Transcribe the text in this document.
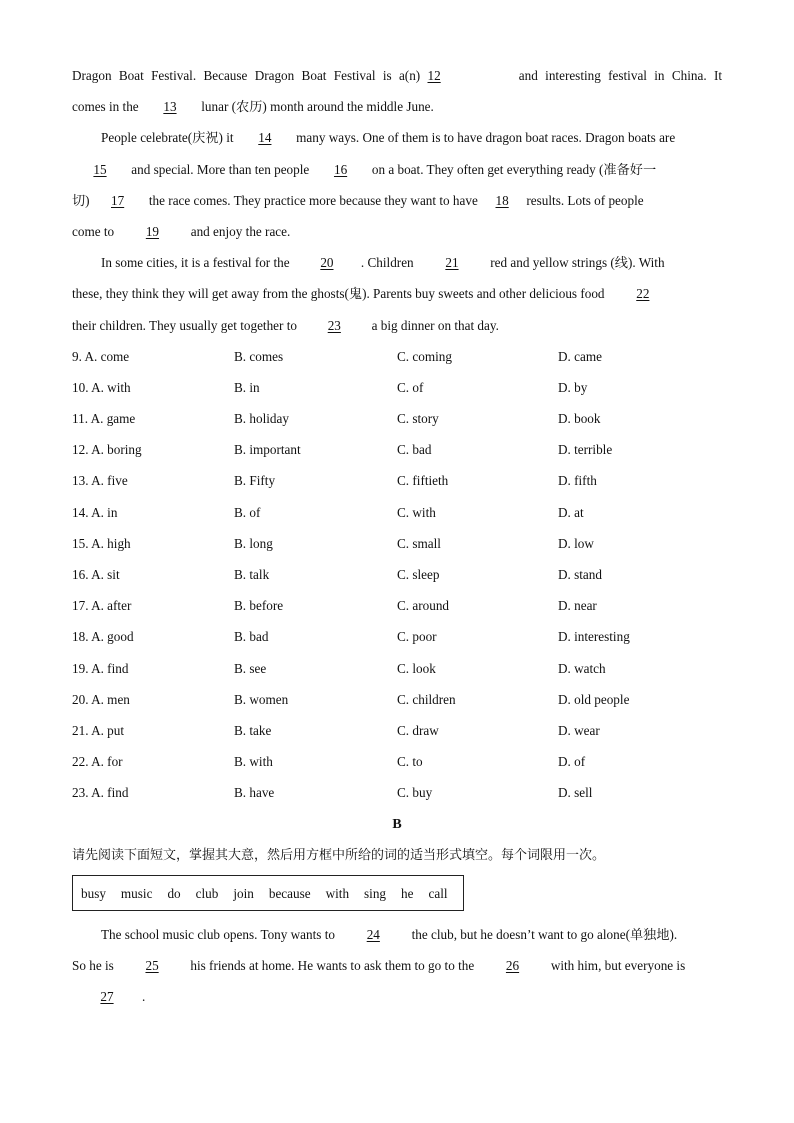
Dragon Boat Festival. Because Dragon Boat Festival is a(n) 12	and interesting festival in China. It
comes in the 13 lunar (农历) month around the middle June.
People celebrate(庆祝) it 14 many ways. One of them is to have dragon boat races. Dragon boats are
15 and special. More than ten people 16 on a boat. They often get everything ready (准备好一
切) 17 the race comes. They practice more because they want to have 18 results. Lots of people
come to 19 and enjoy the race.
In some cities, it is a festival for the 20 . Children 21 red and yellow strings (线). With
these, they think they will get away from the ghosts(鬼). Parents buy sweets and other delicious food 22
their children. They usually get together to 23 a big dinner on that day.
9. A. come	B. comes	C. coming	D. came
10. A. with	B. in	C. of	D. by
11. A. game	B. holiday	C. story	D. book
12. A. boring	B. important	C. bad	D. terrible
13. A. five	B. Fifty	C. fiftieth	D. fifth
14. A. in	B. of	C. with	D. at
15. A. high	B. long	C. small	D. low
16. A. sit	B. talk	C. sleep	D. stand
17. A. after	B. before	C. around	D. near
18. A. good	B. bad	C. poor	D. interesting
19. A. find	B. see	C. look	D. watch
20. A. men	B. women	C. children	D. old people
21. A. put	B. take	C. draw	D. wear
22. A. for	B. with	C. to	D. of
23. A. find	B. have	C. buy	D. sell
B
请先阅读下面短文，掌握其大意，然后用方框中所给的词的适当形式填空。每个词限用一次。
busy music do club join because with sing he call
The school music club opens. Tony wants to 24 the club, but he doesn’t want to go alone(单独地).
So he is 25 his friends at home. He wants to ask them to go to the 26 with him, but everyone is
27 .
